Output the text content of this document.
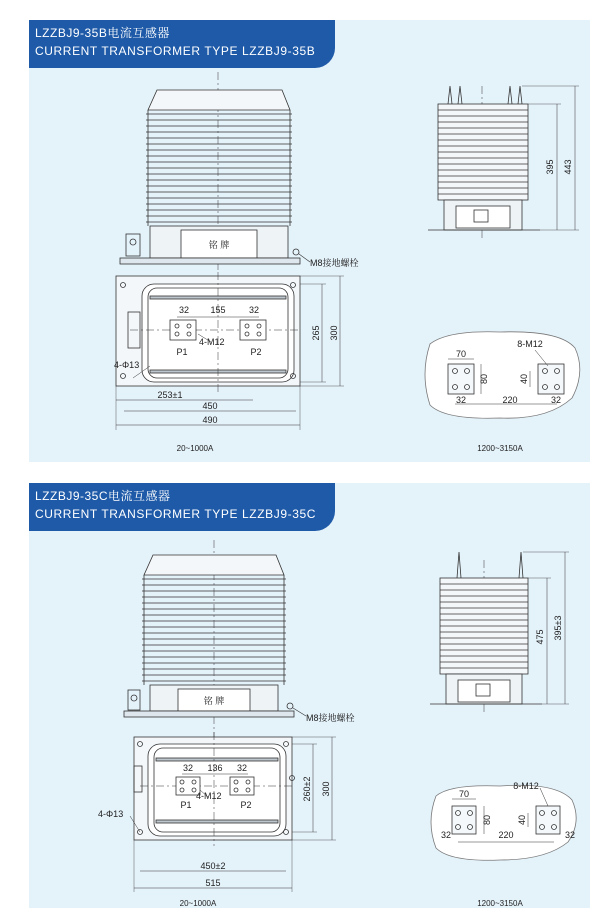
LZZBJ9-35B电流互感器
CURRENT TRANSFORMER TYPE LZZBJ9-35B
LZZBJ9-35C电流互感器
CURRENT TRANSFORMER TYPE LZZBJ9-35C
铭 牌
M8接地螺栓
32 155	32
4-M12
P1	P2
4-Φ13
253±1
450
490
265 300
20~1000A	1200~3150A
395 443
70
80
32	220
40
32
8-M12
铭 牌
M8接地螺栓
32 136 32
4-M12
P1	P2
4-Φ13
450±2
515
260±2 300
20~1000A	1200~3150A
475 395±3
70
80
32	220
40
32
8-M12
